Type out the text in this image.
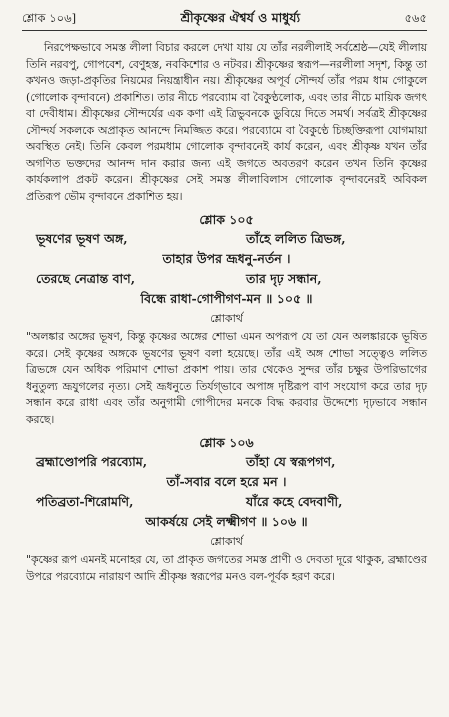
শ্লোক ১০৬]	শ্রীকৃষ্ণের ঐশ্বর্য ও মাধুর্য্য	৫৬৫

নিরপেক্ষভাবে সমস্ত লীলা বিচার করলে দেখা যায় যে তাঁর নরলীলাই সর্বশ্রেষ্ঠ—যেই লীলায় তিনি নরবপু, গোপবেশ, বেণুহস্ত, নবকিশোর ও নটবর। শ্রীকৃষ্ণের স্বরূপ—নরলীলা সদৃশ, কিন্তু তা কখনও জড়া-প্রকৃতির নিয়মের নিয়ন্ত্রাধীন নয়। শ্রীকৃষ্ণের অপূর্ব সৌন্দর্য তাঁর পরম ধাম গোকুলে (গোলোক বৃন্দাবনে) প্রকাশিত। তার নীচে পরব্যোম বা বৈকুণ্ঠলোক, এবং তার নীচে মায়িক জগৎ বা দেবীধাম। শ্রীকৃষ্ণের সৌন্দর্যের এক কণা এই ত্রিভুবনকে ডুবিয়ে দিতে সমর্থ। সর্বত্রই শ্রীকৃষ্ণের সৌন্দর্য সকলকে অপ্রাকৃত আনন্দে নিমজ্জিত করে। পরব্যোমে বা বৈকুণ্ঠে চিচ্ছক্তিরূপা যোগমায়া অবস্থিত নেই। তিনি কেবল পরমধাম গোলোক বৃন্দাবনেই কার্য করেন, এবং শ্রীকৃষ্ণ যখন তাঁর অগণিত ভক্তদের আনন্দ দান করার জন্য এই জগতে অবতরণ করেন তখন তিনি কৃষ্ণের কার্যকলাপ প্রকট করেন। শ্রীকৃষ্ণের সেই সমস্ত লীলাবিলাস গোলোক বৃন্দাবনেরই অবিকল প্রতিরূপ ভৌম বৃন্দাবনে প্রকাশিত হয়।

শ্লোক ১০৫
ভূষণের ভূষণ অঙ্গ,	তাঁহে ললিত ত্রিভঙ্গ,
তাহার উপর ভ্রূধনু-নর্তন ।
তেরছে নেত্রান্ত বাণ,	তার দৃঢ় সন্ধান,
বিন্ধে রাধা-গোপীগণ-মন ॥ ১০৫ ॥
শ্লোকার্থ

"অলঙ্কার অঙ্গের ভূষণ, কিন্তু কৃষ্ণের অঙ্গের শোভা এমন অপরূপ যে তা যেন অলঙ্কারকে ভূষিত করে। সেই কৃষ্ণের অঙ্গকে ভূষণের ভূষণ বলা হয়েছে। তাঁর এই অঙ্গ শোভা সত্ত্বেও ললিত ত্রিভঙ্গে যেন অধিক পরিমাণ শোভা প্রকাশ পায়। তার থেকেও সুন্দর তাঁর চক্ষুর উপরিভাগের ধনুতুল্য ভ্রূযুগলের নৃত্য। সেই ভ্রূধনুতে তির্যগ্‌ভাবে অপাঙ্গ দৃষ্টিরূপ বাণ সংযোগ করে তার দৃঢ় সন্ধান করে রাধা এবং তাঁর অনুগামী গোপীদের মনকে বিদ্ধ করবার উদ্দেশ্যে দৃঢ়ভাবে সন্ধান করছে।

শ্লোক ১০৬
ব্রহ্মাণ্ডোপরি পরব্যোম,	তাঁহা যে স্বরূপগণ,
তাঁ-সবার বলে হরে মন ।
পতিব্রতা-শিরোমণি,	যাঁরে কহে বেদবাণী,
আকর্ষয়ে সেই লক্ষ্মীগণ ॥ ১০৬ ॥
শ্লোকার্থ

"কৃষ্ণের রূপ এমনই মনোহর যে, তা প্রাকৃত জগতের সমস্ত প্রাণী ও দেবতা দূরে থাকুক, ব্রহ্মাণ্ডের উপরে পরব্যোমে নারায়ণ আদি শ্রীকৃষ্ণ স্বরূপের মনও বল-পূর্বক হরণ করে।
